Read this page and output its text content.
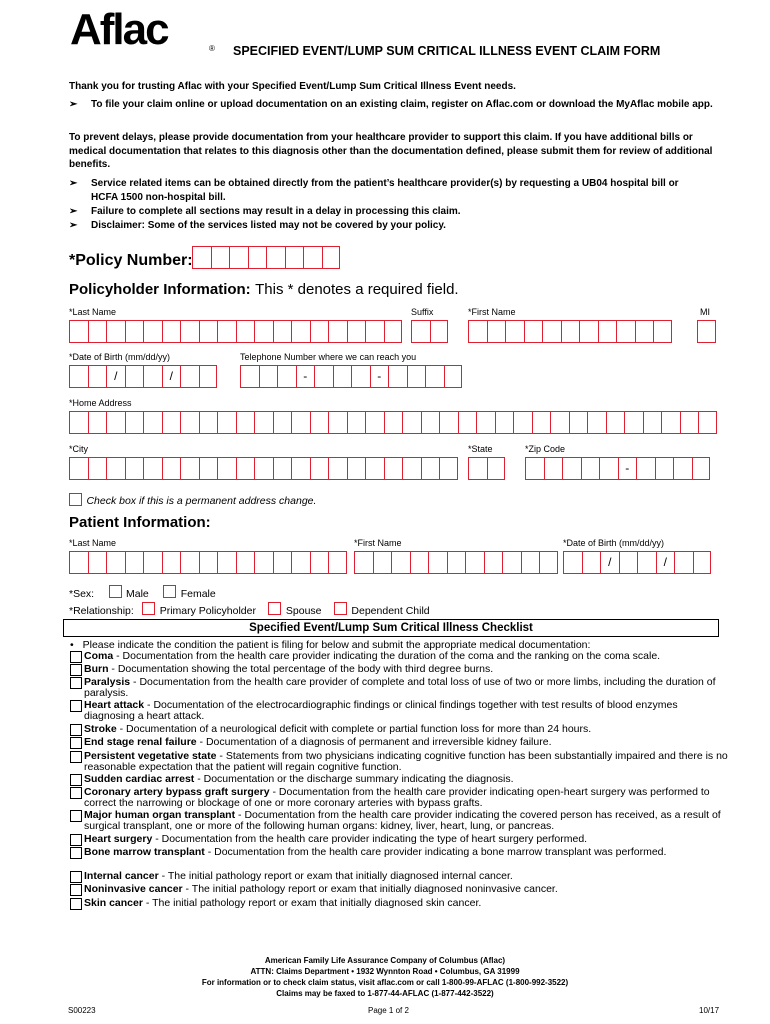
Aflac	® SPECIFIED EVENT/LUMP SUM CRITICAL ILLNESS EVENT CLAIM FORM
Thank you for trusting Aflac with your Specified Event/Lump Sum Critical Illness Event needs.
➢ To file your claim online or upload documentation on an existing claim, register on Aflac.com or download the MyAflac mobile app.
To prevent delays, please provide documentation from your healthcare provider to support this claim. If you have additional bills or medical documentation that relates to this diagnosis other than the documentation defined, please submit them for review of additional benefits.
➢ Service related items can be obtained directly from the patient’s healthcare provider(s) by requesting a UB04 hospital bill or HCFA 1500 non-hospital bill.
➢ Failure to complete all sections may result in a delay in processing this claim.
➢ Disclaimer: Some of the services listed may not be covered by your policy.
*Policy Number:
Policyholder Information: This * denotes a required field.
*Last Name	Suffix	*First Name	MI
*Date of Birth (mm/dd/yy)	Telephone Number where we can reach you
/	/	-	-
*Home Address
*City	*State	*Zip Code
-
Check box if this is a permanent address change.
Patient Information:
*Last Name	*First Name	*Date of Birth (mm/dd/yy)
/	/
*Sex:	Male	Female
*Relationship: Primary Policyholder	Spouse	Dependent Child
Specified Event/Lump Sum Critical Illness Checklist
• Please indicate the condition the patient is filing for below and submit the appropriate medical documentation:
Coma - Documentation from the health care provider indicating the duration of the coma and the ranking on the coma scale.
Burn - Documentation showing the total percentage of the body with third degree burns.
Paralysis - Documentation from the health care provider of complete and total loss of use of two or more limbs, including the duration of paralysis.
Heart attack - Documentation of the electrocardiographic findings or clinical findings together with test results of blood enzymes diagnosing a heart attack.
Stroke - Documentation of a neurological deficit with complete or partial function loss for more than 24 hours.
End stage renal failure - Documentation of a diagnosis of permanent and irreversible kidney failure.
Persistent vegetative state - Statements from two physicians indicating cognitive function has been substantially impaired and there is no reasonable expectation that the patient will regain cognitive function.
Sudden cardiac arrest - Documentation or the discharge summary indicating the diagnosis.
Coronary artery bypass graft surgery - Documentation from the health care provider indicating open-heart surgery was performed to correct the narrowing or blockage of one or more coronary arteries with bypass grafts.
Major human organ transplant - Documentation from the health care provider indicating the covered person has received, as a result of surgical transplant, one or more of the following human organs: kidney, liver, heart, lung, or pancreas.
Heart surgery - Documentation from the health care provider indicating the type of heart surgery performed.
Bone marrow transplant - Documentation from the health care provider indicating a bone marrow transplant was performed.
Internal cancer - The initial pathology report or exam that initially diagnosed internal cancer.
Noninvasive cancer - The initial pathology report or exam that initially diagnosed noninvasive cancer.
Skin cancer - The initial pathology report or exam that initially diagnosed skin cancer.
American Family Life Assurance Company of Columbus (Aflac)
ATTN: Claims Department • 1932 Wynnton Road • Columbus, GA 31999
For information or to check claim status, visit aflac.com or call 1-800-99-AFLAC (1-800-992-3522)
Claims may be faxed to 1-877-44-AFLAC (1-877-442-3522)
S00223	Page 1 of 2	10/17
